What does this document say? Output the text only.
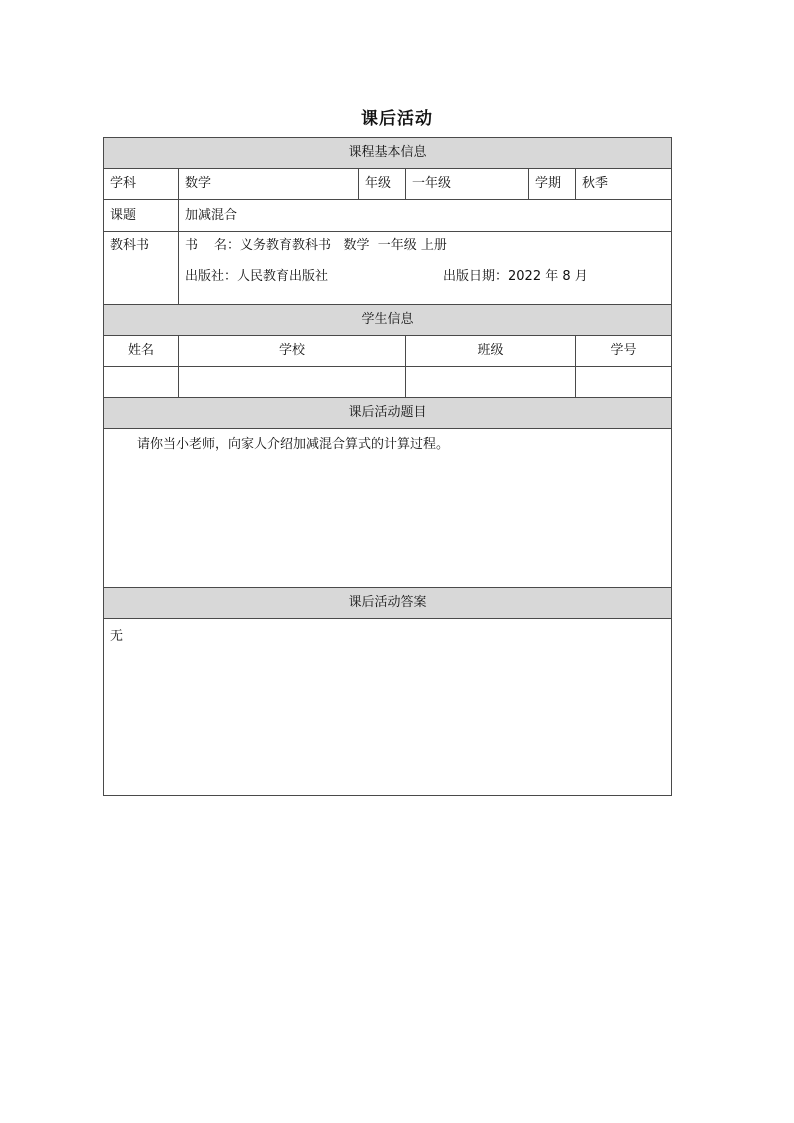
课后活动
课程基本信息					
学科	数学	年级	一年级	学期	秋季
课题	加减混合				
教科书	书 名：义务教育教科书 数学 一年级 上册
出版社：人民教育出版社 出版日期：2022 年 8 月				

学生信息					
姓名	学校		班级		学号

课后活动题目					
请你当小老师，向家人介绍加减混合算式的计算过程。					
课后活动答案					
无					
